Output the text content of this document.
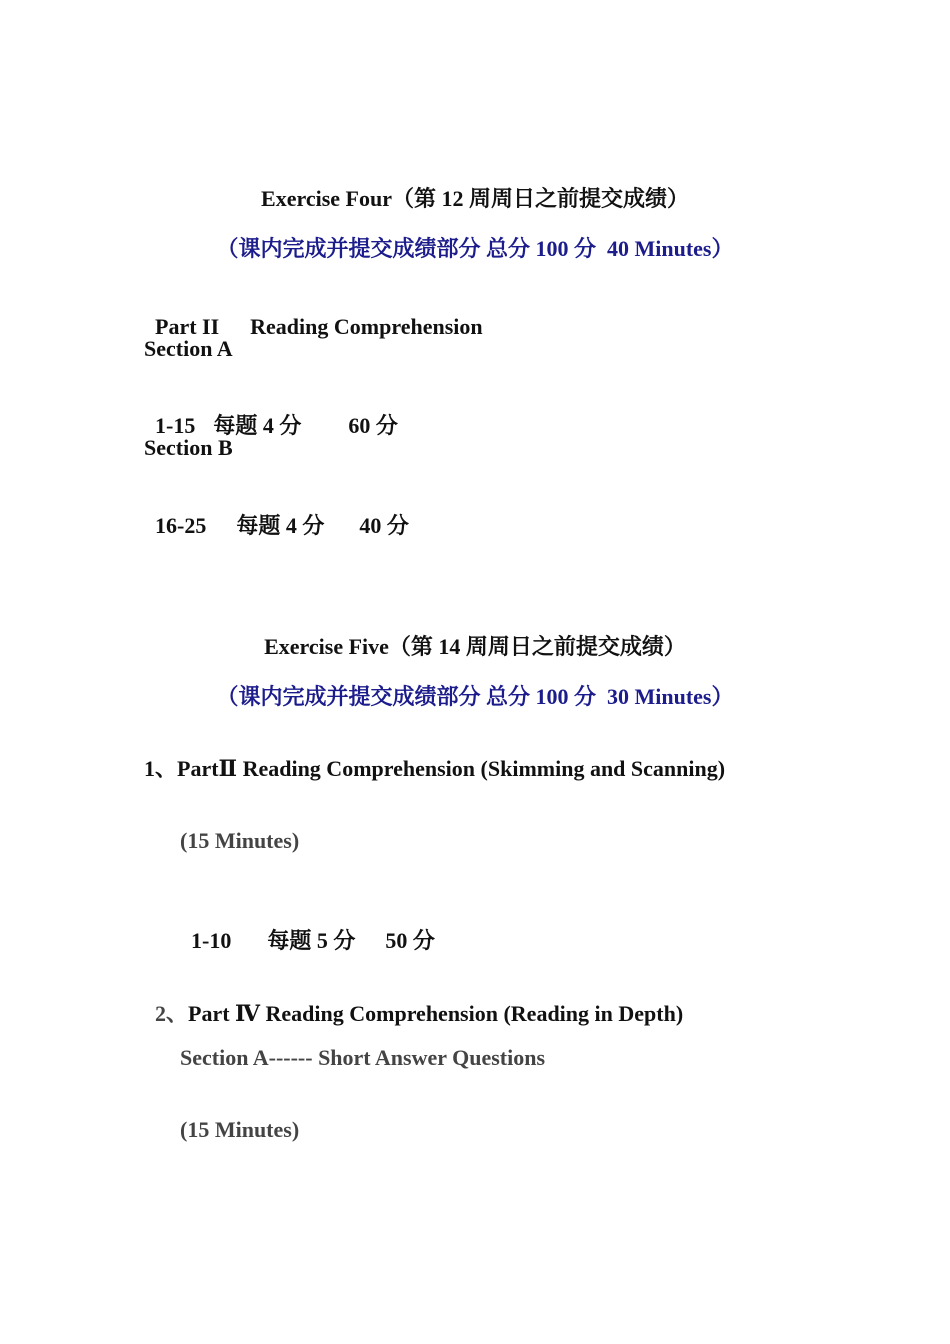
Exercise Four（第 12 周周日之前提交成绩）
（课内完成并提交成绩部分 总分 100 分  40 Minutes）

Part II Reading Comprehension

Section A

1-15 每题 4 分 60 分

Section B

16-25 每题 4 分 40 分

Exercise Five（第 14 周周日之前提交成绩）
（课内完成并提交成绩部分 总分 100 分  30 Minutes）
1、PartⅡ Reading Comprehension (Skimming and Scanning)
(15 Minutes)

1-10 每题 5 分 50 分

2、Part Ⅳ Reading Comprehension (Reading in Depth)

Section A------ Short Answer Questions
(15 Minutes)
